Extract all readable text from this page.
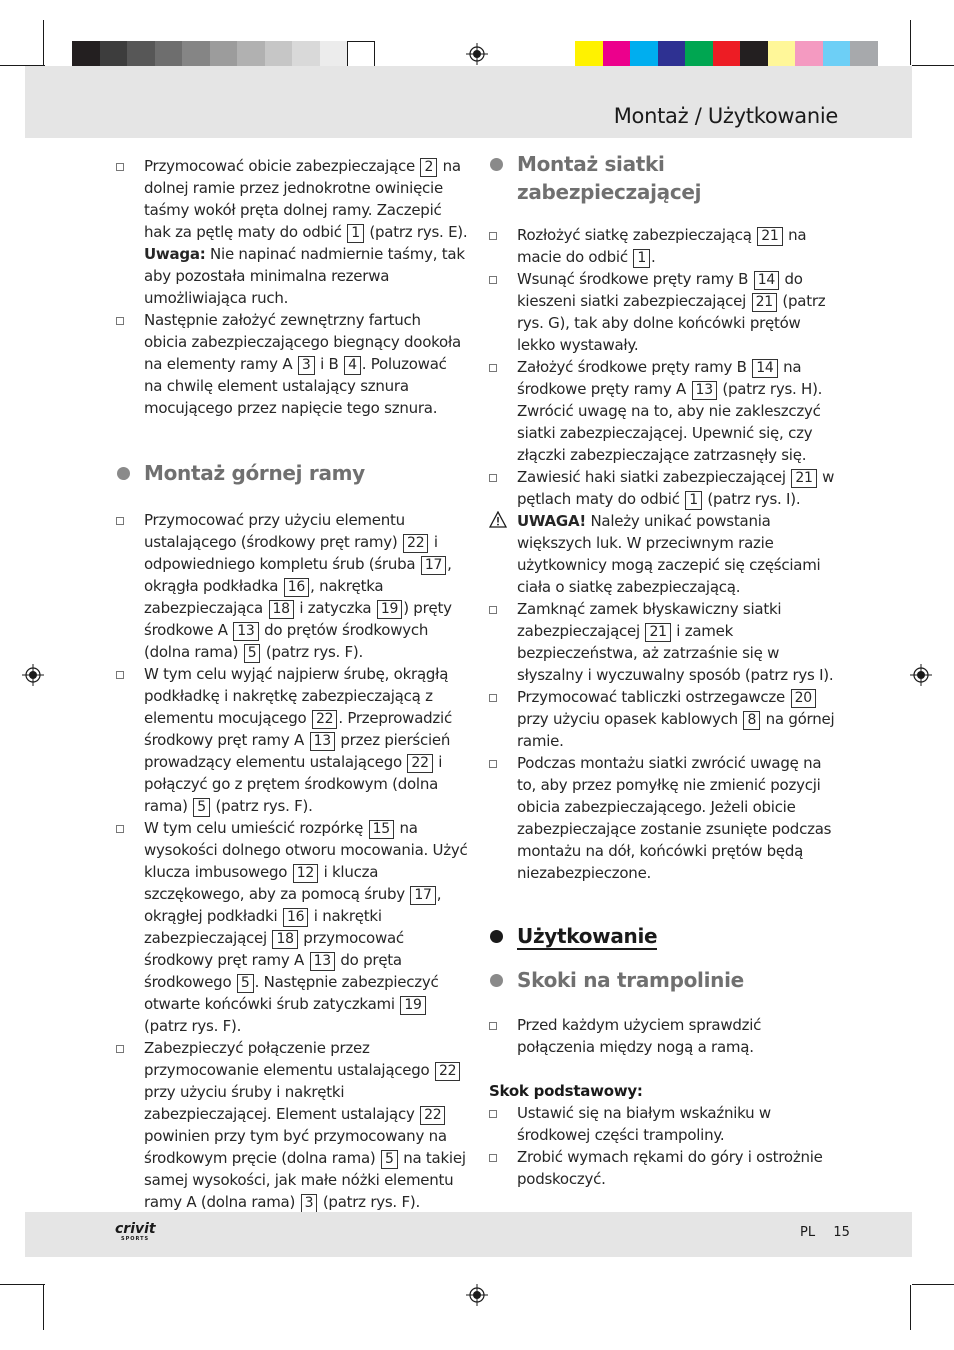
Montaż / Użytkowanie
Przymocować obicie zabezpieczające 2 na dolnej ramie przez jednokrotne owinięcie taśmy wokół pręta dolnej ramy. Zaczepić hak za pętlę maty do odbić 1 (patrz rys. E).
Uwaga: Nie napinać nadmiernie taśmy, tak aby pozostała minimalna rezerwa umożliwiająca ruch.
Następnie założyć zewnętrzny fartuch obicia zabezpieczającego biegnący dookoła na elementy ramy A 3 i B 4 . Poluzować na chwilę element ustalający sznura mocującego przez napięcie tego sznura.
Montaż górnej ramy
Przymocować przy użyciu elementu ustalającego (środkowy pręt ramy) 22 i odpowiedniego kompletu śrub (śruba 17 , okrągła podkładka 16 , nakrętka zabezpieczająca 18 i zatyczka 19 ) pręty środkowe A 13 do prętów środkowych (dolna rama) 5 (patrz rys. F).
W tym celu wyjąć najpierw śrubę, okrągłą podkładkę i nakrętkę zabezpieczającą z elementu mocującego 22 . Przeprowadzić środkowy pręt ramy A 13 przez pierścień prowadzący elementu ustalającego 22 i połączyć go z prętem środkowym (dolna rama) 5 (patrz rys. F).
W tym celu umieścić rozpórkę 15 na wysokości dolnego otworu mocowania. Użyć klucza imbusowego 12 i klucza szczękowego, aby za pomocą śruby 17 , okrągłej podkładki 16 i nakrętki zabezpieczającej 18 przymocować środkowy pręt ramy A 13 do pręta środkowego 5 . Następnie zabezpieczyć otwarte końcówki śrub zatyczkami 19 (patrz rys. F).
Zabezpieczyć połączenie przez przymocowanie elementu ustalającego 22 przy użyciu śruby i nakrętki zabezpieczającej. Element ustalający 22 powinien przy tym być przymocowany na środkowym pręcie (dolna rama) 5 na takiej samej wysokości, jak małe nóżki elementu ramy A (dolna rama) 3 (patrz rys. F).
Montaż siatki zabezpieczającej
Rozłożyć siatkę zabezpieczającą 21 na macie do odbić 1 .
Wsunąć środkowe pręty ramy B 14 do kieszeni siatki zabezpieczającej 21 (patrz rys. G), tak aby dolne końcówki prętów lekko wystawały.
Założyć środkowe pręty ramy B 14 na środkowe pręty ramy A 13 (patrz rys. H). Zwrócić uwagę na to, aby nie zakleszczyć siatki zabezpieczającej. Upewnić się, czy złączki zabezpieczające zatrzasnęły się.
Zawiesić haki siatki zabezpieczającej 21 w pętlach maty do odbić 1 (patrz rys. I).
UWAGA! Należy unikać powstania większych luk. W przeciwnym razie użytkownicy mogą zaczepić się częściami ciała o siatkę zabezpieczającą.
Zamknąć zamek błyskawiczny siatki zabezpieczającej 21 i zamek bezpieczeństwa, aż zatrzaśnie się w słyszalny i wyczuwalny sposób (patrz rys I).
Przymocować tabliczki ostrzegawcze 20 przy użyciu opasek kablowych 8 na górnej ramie.
Podczas montażu siatki zwrócić uwagę na to, aby przez pomyłkę nie zmienić pozycji obicia zabezpieczającego. Jeżeli obicie zabezpieczające zostanie zsunięte podczas montażu na dół, końcówki prętów będą niezabezpieczone.
Użytkowanie
Skoki na trampolinie
Przed każdym użyciem sprawdzić połączenia między nogą a ramą.
Skok podstawowy:
Ustawić się na białym wskaźniku w środkowej części trampoliny.
Zrobić wymach rękami do góry i ostrożnie podskoczyć.
crivit
SPORTS	PL 15
